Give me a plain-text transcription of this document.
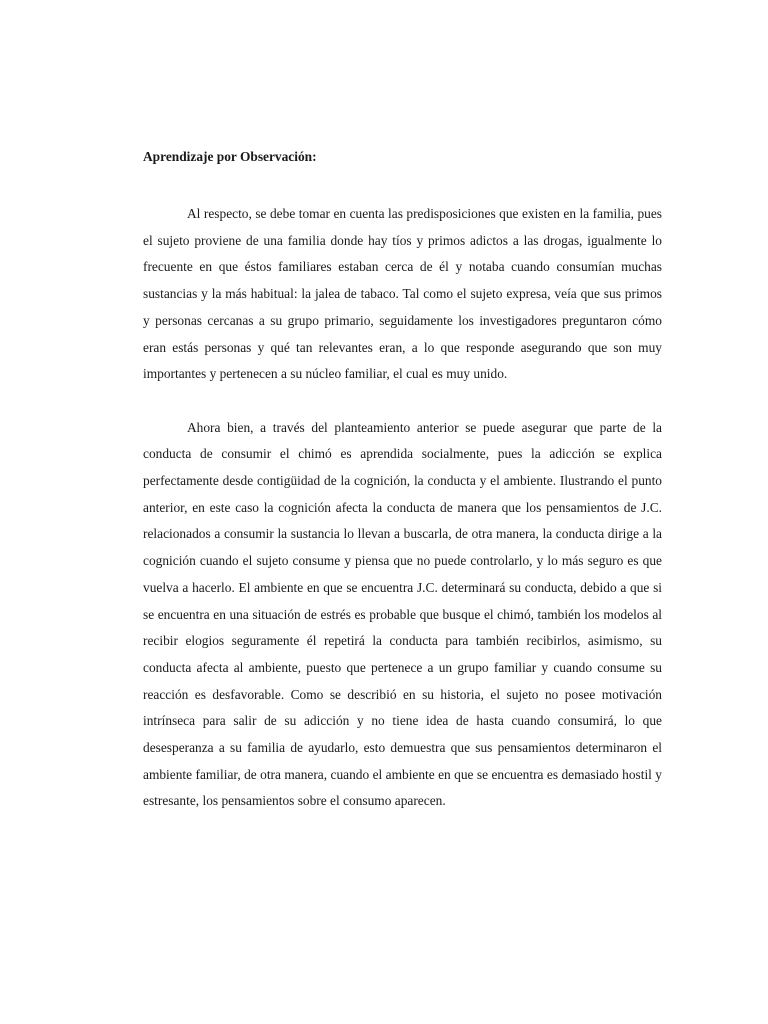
Aprendizaje por Observación:

Al respecto, se debe tomar en cuenta las predisposiciones que existen en la familia, pues el sujeto proviene de una familia donde hay tíos y primos adictos a las drogas, igualmente lo frecuente en que éstos familiares estaban cerca de él y notaba cuando consumían muchas sustancias y la más habitual: la jalea de tabaco. Tal como el sujeto expresa, veía que sus primos y personas cercanas a su grupo primario, seguidamente los investigadores preguntaron cómo eran estás personas y qué tan relevantes eran, a lo que responde asegurando que son muy importantes y pertenecen a su núcleo familiar, el cual es muy unido.

Ahora bien, a través del planteamiento anterior se puede asegurar que parte de la conducta de consumir el chimó es aprendida socialmente, pues la adicción se explica perfectamente desde contigüidad de la cognición, la conducta y el ambiente. Ilustrando el punto anterior, en este caso la cognición afecta la conducta de manera que los pensamientos de J.C. relacionados a consumir la sustancia lo llevan a buscarla, de otra manera, la conducta dirige a la cognición cuando el sujeto consume y piensa que no puede controlarlo, y lo más seguro es que vuelva a hacerlo. El ambiente en que se encuentra J.C. determinará su conducta, debido a que si se encuentra en una situación de estrés es probable que busque el chimó, también los modelos al recibir elogios seguramente él repetirá la conducta para también recibirlos, asimismo, su conducta afecta al ambiente, puesto que pertenece a un grupo familiar y cuando consume su reacción es desfavorable. Como se describió en su historia, el sujeto no posee motivación intrínseca para salir de su adicción y no tiene idea de hasta cuando consumirá, lo que desesperanza a su familia de ayudarlo, esto demuestra que sus pensamientos determinaron el ambiente familiar, de otra manera, cuando el ambiente en que se encuentra es demasiado hostil y estresante, los pensamientos sobre el consumo aparecen.
